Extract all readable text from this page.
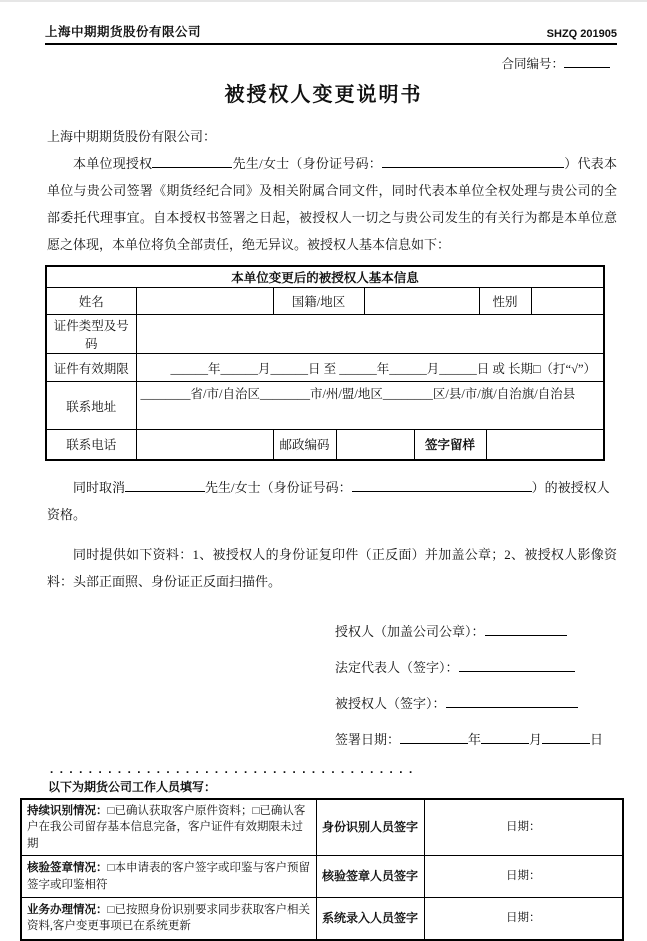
上海中期期货股份有限公司	SHZQ 201905
合同编号：
被授权人变更说明书

上海中期期货股份有限公司：

本单位现授权	先生/女士（身份证号码：	）代表本单位与贵公司签署《期货经纪合同》及相关附属合同文件，同时代表本单位全权处理与贵公司的全部委托代理事宜。自本授权书签署之日起，被授权人一切之与贵公司发生的有关行为都是本单位意愿之体现，本单位将负全部责任，绝无异议。被授权人基本信息如下：

本单位变更后的被授权人基本信息								
姓名		国籍/地区				性别		
证件类型及号码								
证件有效期限	______年______月______日 至 ______年______月______日 或 长期□（打“√”）							
联系地址	________省/市/自治区________市/州/盟/地区________区/县/市/旗/自治旗/自治县							
联系电话		邮政编码			签字留样			

同时取消	先生/女士（身份证号码：	）的被授权人
资格。

同时提供如下资料：1、被授权人的身份证复印件（正反面）并加盖公章；2、被授权人影像资料：头部正面照、身份证正反面扫描件。

授权人（加盖公司公章）：
法定代表人（签字）：
被授权人（签字）：
签署日期：	年	月	日
......................................
以下为期货公司工作人员填写：
持续识别情况：□已确认获取客户原件资料；□已确认客户在我公司留存基本信息完备，客户证件有效期限未过期	身份识别人员签字	日期：
核验签章情况：□本申请表的客户签字或印鉴与客户预留签字或印鉴相符	核验签章人员签字	日期：
业务办理情况：□已按照身份识别要求同步获取客户相关资料,客户变更事项已在系统更新	系统录入人员签字	日期：
